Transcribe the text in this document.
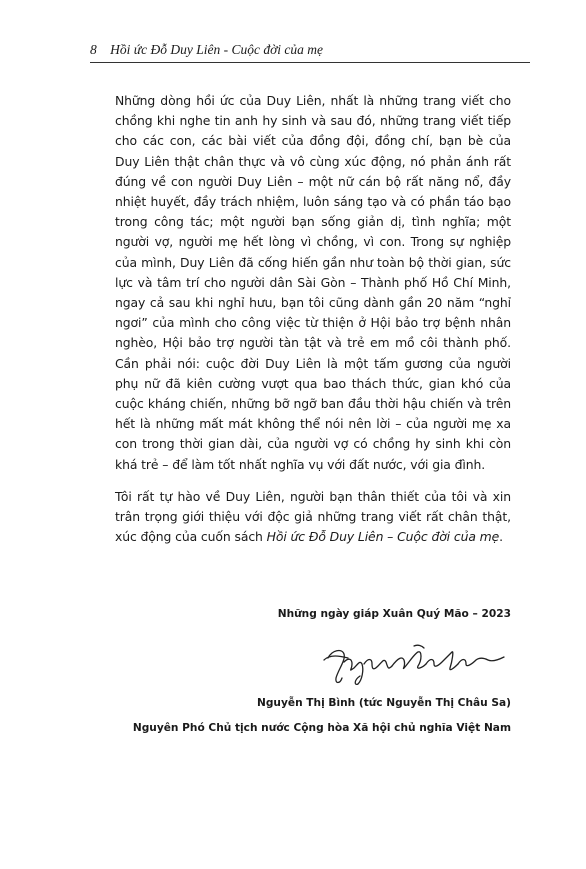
8 Hồi ức Đỗ Duy Liên - Cuộc đời của mẹ

Những dòng hồi ức của Duy Liên, nhất là những trang viết cho chồng khi nghe tin anh hy sinh và sau đó, những trang viết tiếp cho các con, các bài viết của đồng đội, đồng chí, bạn bè của Duy Liên thật chân thực và vô cùng xúc động, nó phản ánh rất đúng về con người Duy Liên – một nữ cán bộ rất năng nổ, đầy nhiệt huyết, đầy trách nhiệm, luôn sáng tạo và có phần táo bạo trong công tác; một người bạn sống giản dị, tình nghĩa; một người vợ, người mẹ hết lòng vì chồng, vì con. Trong sự nghiệp của mình, Duy Liên đã cống hiến gần như toàn bộ thời gian, sức lực và tâm trí cho người dân Sài Gòn – Thành phố Hồ Chí Minh, ngay cả sau khi nghỉ hưu, bạn tôi cũng dành gần 20 năm “nghỉ ngơi” của mình cho công việc từ thiện ở Hội bảo trợ bệnh nhân nghèo, Hội bảo trợ người tàn tật và trẻ em mồ côi thành phố. Cần phải nói: cuộc đời Duy Liên là một tấm gương của người phụ nữ đã kiên cường vượt qua bao thách thức, gian khó của cuộc kháng chiến, những bỡ ngỡ ban đầu thời hậu chiến và trên hết là những mất mát không thể nói nên lời – của người mẹ xa con trong thời gian dài, của người vợ có chồng hy sinh khi còn khá trẻ – để làm tốt nhất nghĩa vụ với đất nước, với gia đình.

Tôi rất tự hào về Duy Liên, người bạn thân thiết của tôi và xin trân trọng giới thiệu với độc giả những trang viết rất chân thật, xúc động của cuốn sách Hồi ức Đỗ Duy Liên – Cuộc đời của mẹ.

Những ngày giáp Xuân Quý Mão – 2023
Nguyễn Thị Bình (tức Nguyễn Thị Châu Sa)
Nguyên Phó Chủ tịch nước Cộng hòa Xã hội chủ nghĩa Việt Nam
